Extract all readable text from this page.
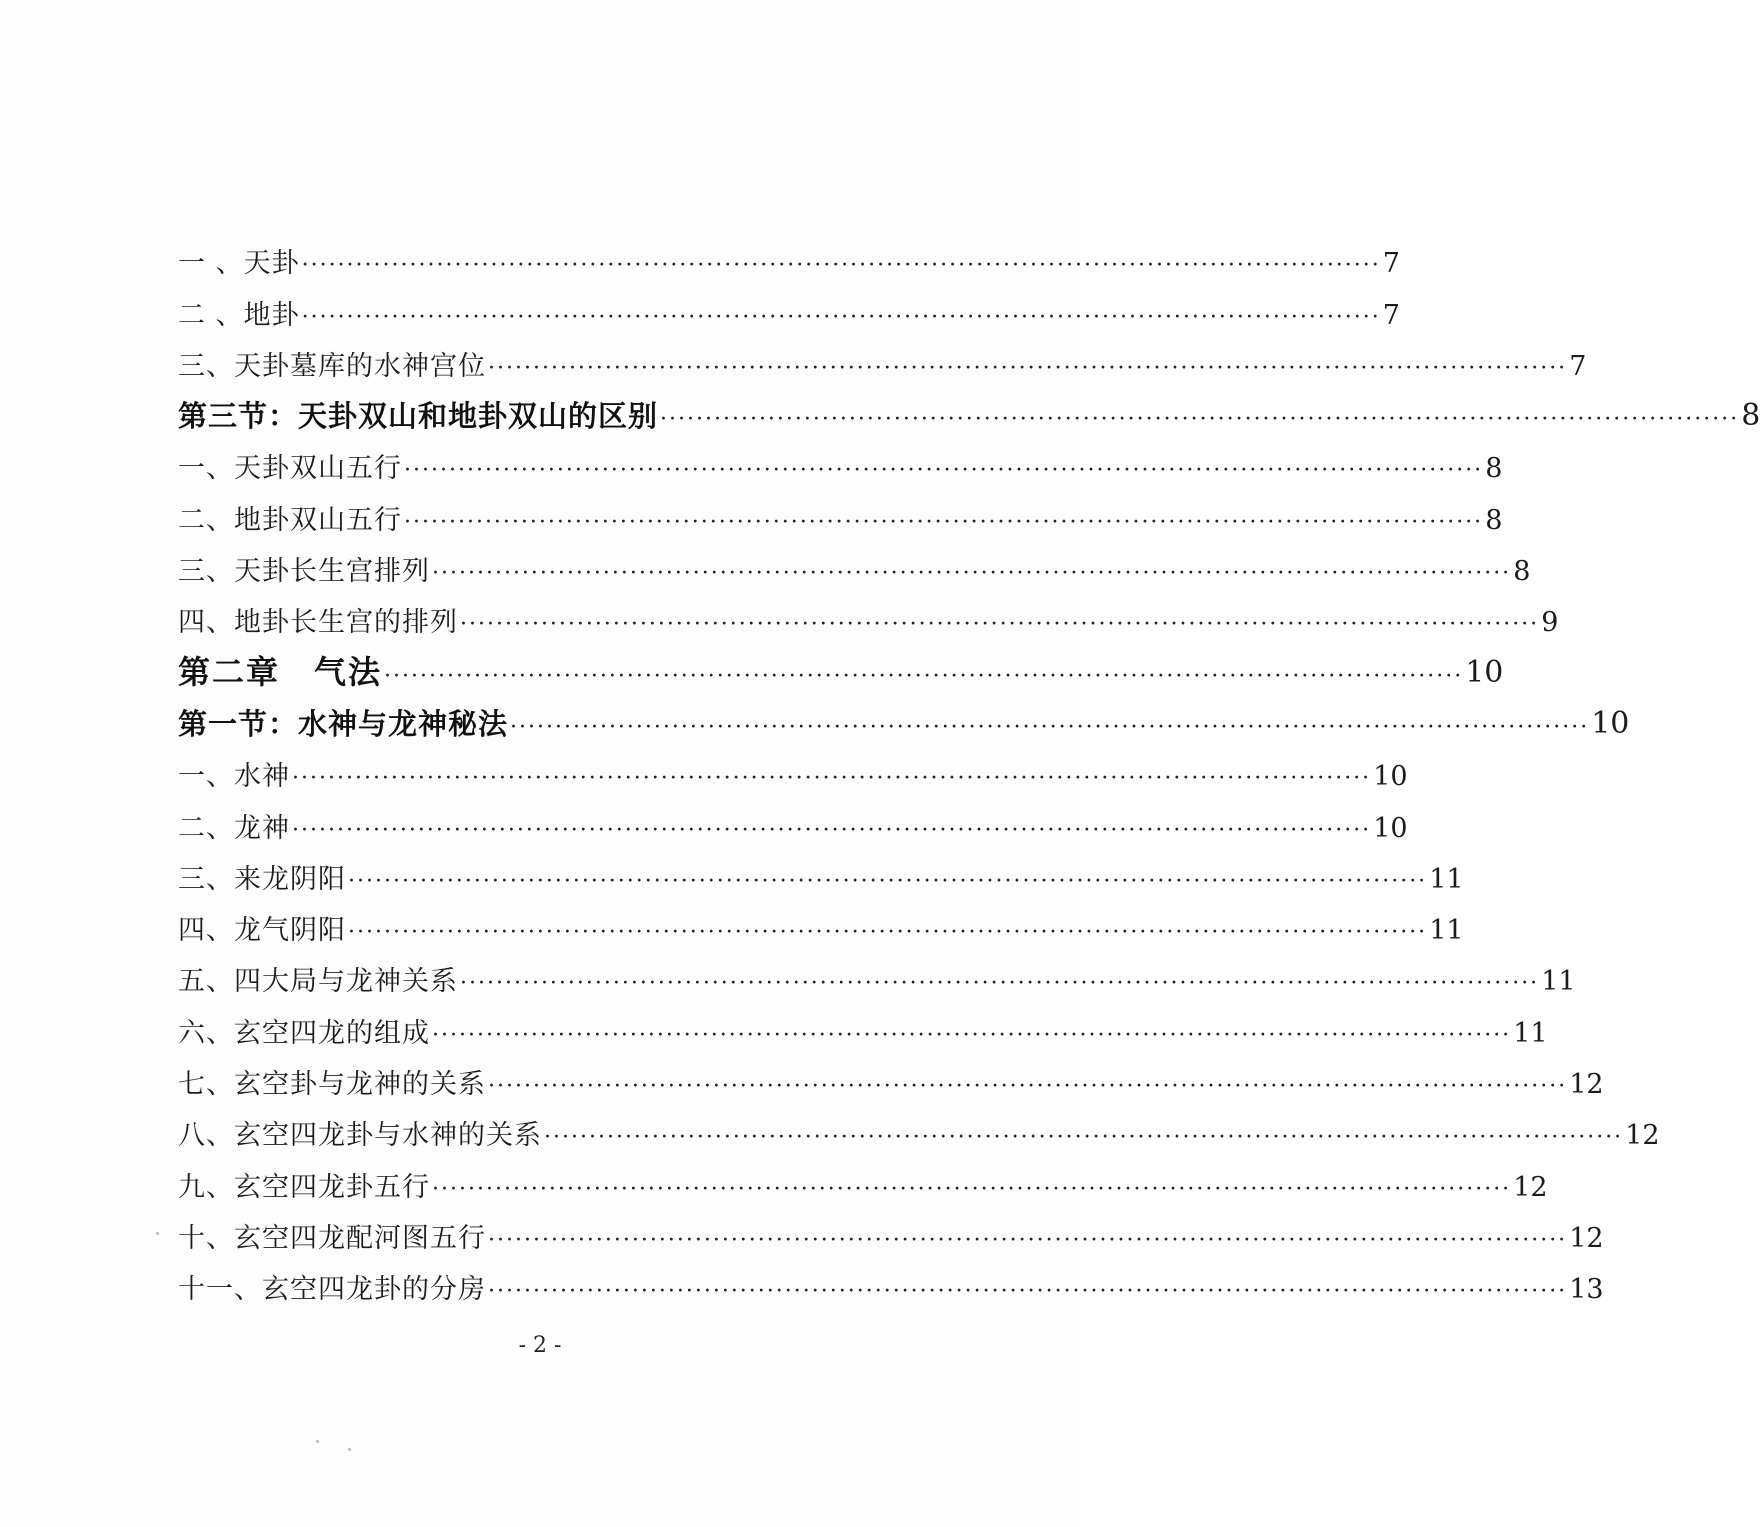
一 、天卦 ························································································································ 7
二 、地卦 ························································································································ 7
三、天卦墓库的水神宫位 ························································································································ 7
第三节：天卦双山和地卦双山的区别 ························································································································ 8
一、天卦双山五行 ························································································································ 8
二、地卦双山五行 ························································································································ 8
三、天卦长生宫排列 ························································································································ 8
四、地卦长生宫的排列 ························································································································ 9
第二章　气法 ························································································································ 10
第一节：水神与龙神秘法 ························································································································ 10
一、水神 ························································································································ 10
二、龙神 ························································································································ 10
三、来龙阴阳 ························································································································ 11
四、龙气阴阳 ························································································································ 11
五、四大局与龙神关系 ························································································································ 11
六、玄空四龙的组成 ························································································································ 11
七、玄空卦与龙神的关系 ························································································································ 12
八、玄空四龙卦与水神的关系 ························································································································ 12
九、玄空四龙卦五行 ························································································································ 12
十、玄空四龙配河图五行 ························································································································ 12
十一、玄空四龙卦的分房 ························································································································ 13
- 2 -
